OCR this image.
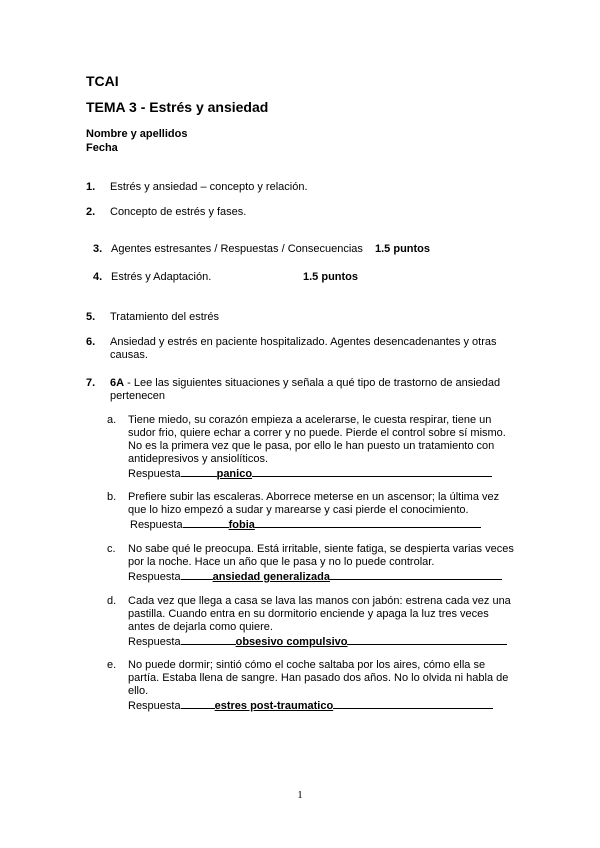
TCAI
TEMA 3 - Estrés y ansiedad
Nombre y apellidos
Fecha
1. Estrés y ansiedad – concepto y relación.
2. Concepto de estrés y fases.
3. Agentes estresantes / Respuestas / Consecuencias 1.5 puntos
4. Estrés y Adaptación.	1.5 puntos
5. Tratamiento del estrés
6. Ansiedad y estrés en paciente hospitalizado. Agentes desencadenantes y otras causas.
7. 6A - Lee las siguientes situaciones y señala a qué tipo de trastorno de ansiedad pertenecen
a. Tiene miedo, su corazón empieza a acelerarse, le cuesta respirar, tiene un sudor frio, quiere echar a correr y no puede. Pierde el control sobre sí mismo. No es la primera vez que le pasa, por ello le han puesto un tratamiento con antidepresivos y ansiolíticos.
Respuesta	panico
b. Prefiere subir las escaleras. Aborrece meterse en un ascensor; la última vez que lo hizo empezó a sudar y marearse y casi pierde el conocimiento.
Respuesta	fobia
c. No sabe qué le preocupa. Está irritable, siente fatiga, se despierta varias veces por la noche. Hace un año que le pasa y no lo puede controlar.
Respuesta	ansiedad generalizada
d. Cada vez que llega a casa se lava las manos con jabón: estrena cada vez una pastilla. Cuando entra en su dormitorio enciende y apaga la luz tres veces antes de dejarla como quiere.
Respuesta	obsesivo compulsivo
e. No puede dormir; sintió cómo el coche saltaba por los aires, cómo ella se partía. Estaba llena de sangre. Han pasado dos años. No lo olvida ni habla de ello.
Respuesta	estres post-traumatico
1
